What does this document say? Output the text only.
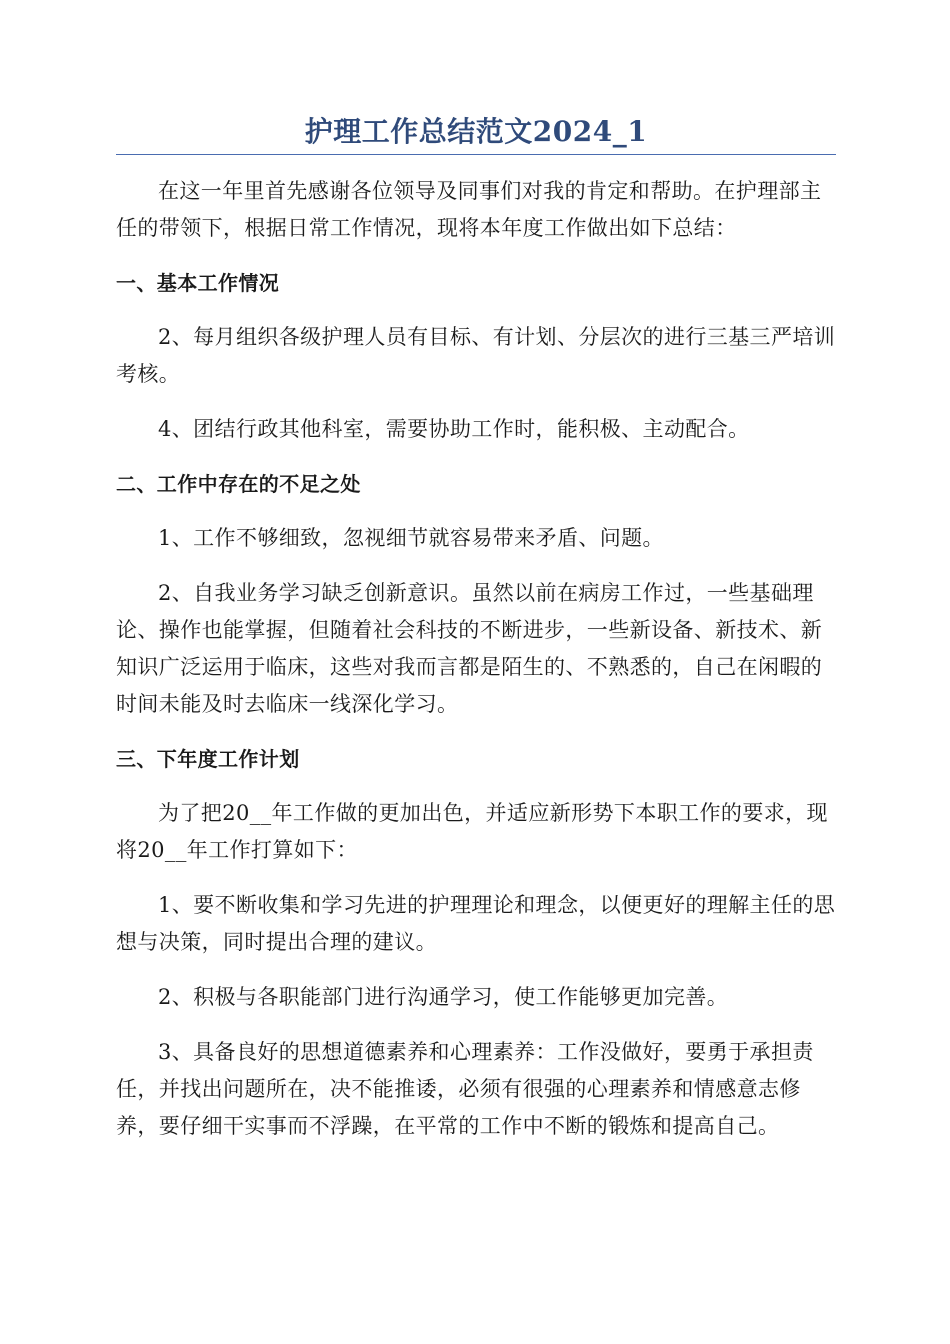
护理工作总结范文2024_1

在这一年里首先感谢各位领导及同事们对我的肯定和帮助。在护理部主任的带领下，根据日常工作情况，现将本年度工作做出如下总结：

一、基本工作情况

2、每月组织各级护理人员有目标、有计划、分层次的进行三基三严培训考核。

4、团结行政其他科室，需要协助工作时，能积极、主动配合。

二、工作中存在的不足之处

1、工作不够细致，忽视细节就容易带来矛盾、问题。

2、自我业务学习缺乏创新意识。虽然以前在病房工作过，一些基础理论、操作也能掌握，但随着社会科技的不断进步，一些新设备、新技术、新知识广泛运用于临床，这些对我而言都是陌生的、不熟悉的，自己在闲暇的时间未能及时去临床一线深化学习。

三、下年度工作计划

为了把20__年工作做的更加出色，并适应新形势下本职工作的要求，现将20__年工作打算如下：

1、要不断收集和学习先进的护理理论和理念，以便更好的理解主任的思想与决策，同时提出合理的建议。

2、积极与各职能部门进行沟通学习，使工作能够更加完善。

3、具备良好的思想道德素养和心理素养：工作没做好，要勇于承担责任，并找出问题所在，决不能推诿，必须有很强的心理素养和情感意志修养，要仔细干实事而不浮躁，在平常的工作中不断的锻炼和提高自己。
